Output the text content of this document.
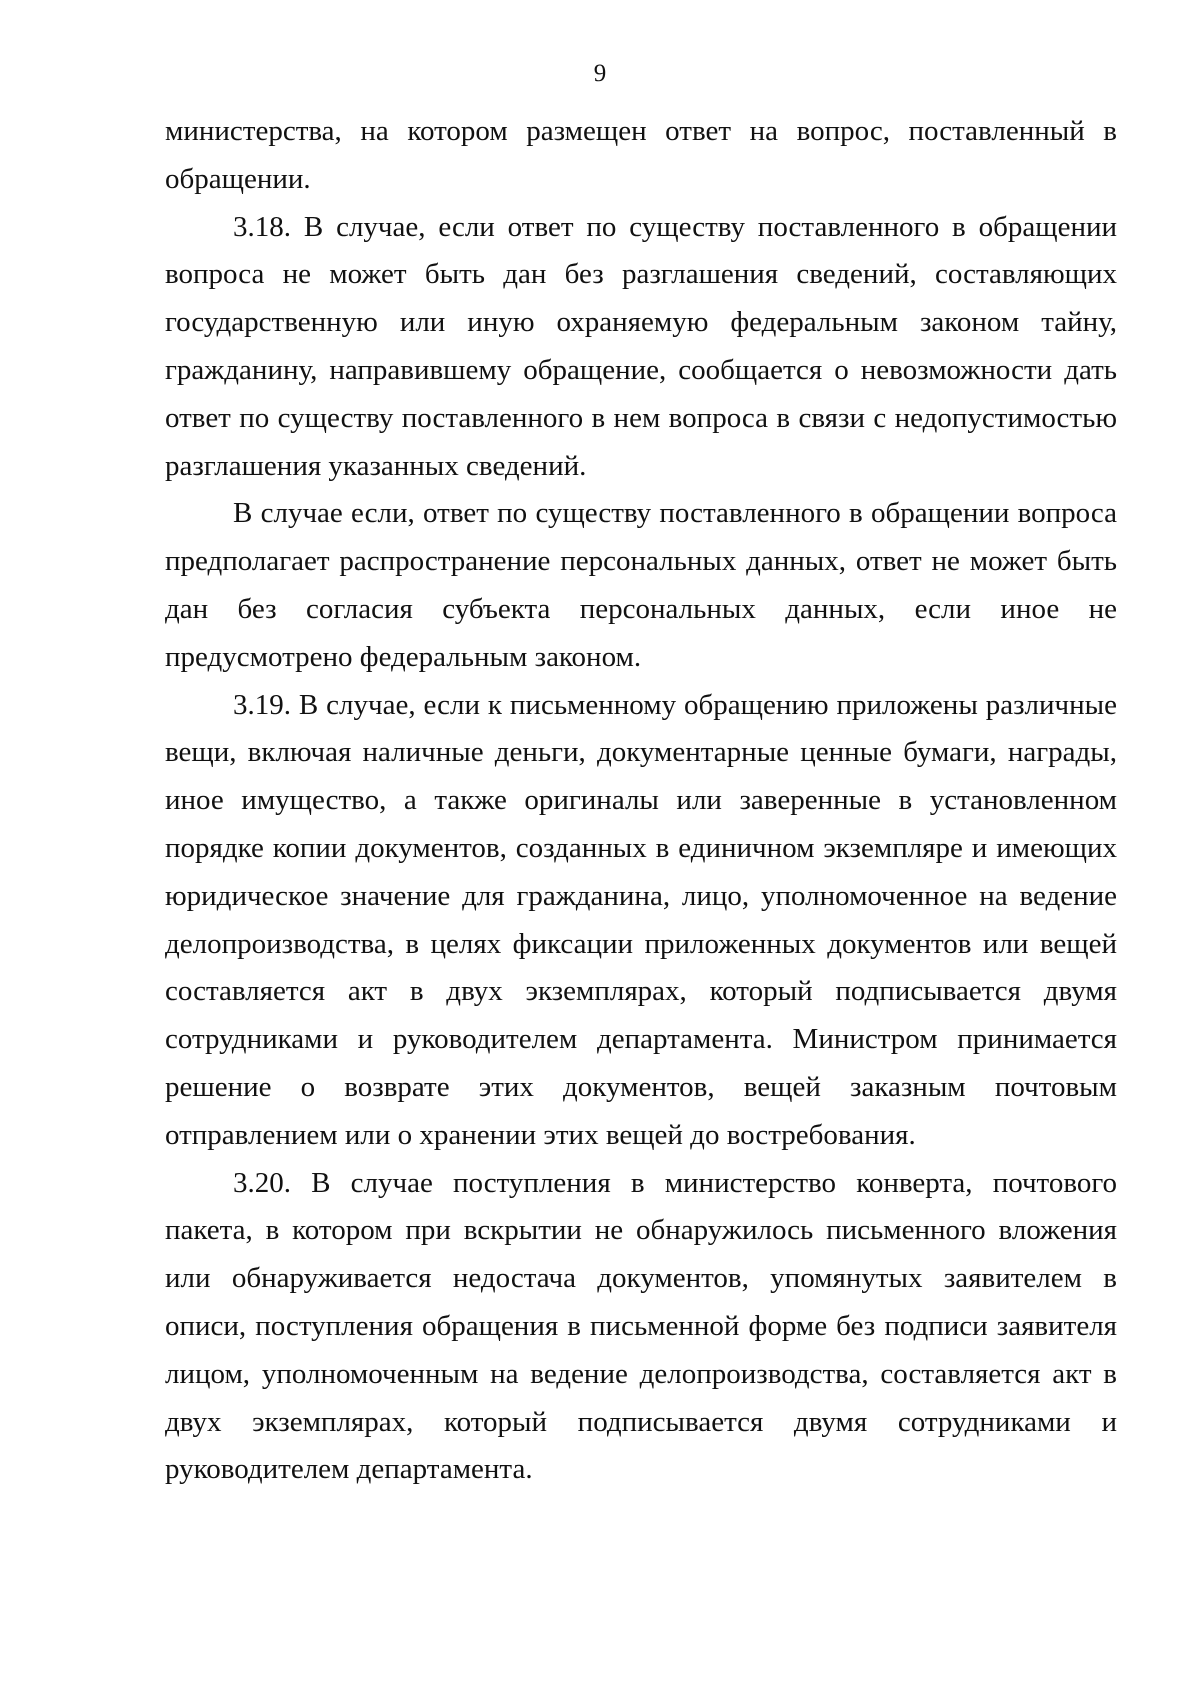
9

министерства, на котором размещен ответ на вопрос, поставленный в обращении.

3.18. В случае, если ответ по существу поставленного в обращении вопроса не может быть дан без разглашения сведений, составляющих государственную или иную охраняемую федеральным законом тайну, гражданину, направившему обращение, сообщается о невозможности дать ответ по существу поставленного в нем вопроса в связи с недопустимостью разглашения указанных сведений.

В случае если, ответ по существу поставленного в обращении вопроса предполагает распространение персональных данных, ответ не может быть дан без согласия субъекта персональных данных, если иное не предусмотрено федеральным законом.

3.19. В случае, если к письменному обращению приложены различные вещи, включая наличные деньги, документарные ценные бумаги, награды, иное имущество, а также оригиналы или заверенные в установленном порядке копии документов, созданных в единичном экземпляре и имеющих юридическое значение для гражданина, лицо, уполномоченное на ведение делопроизводства, в целях фиксации приложенных документов или вещей составляется акт в двух экземплярах, который подписывается двумя сотрудниками и руководителем департамента. Министром принимается решение о возврате этих документов, вещей заказным почтовым отправлением или о хранении этих вещей до востребования.

3.20. В случае поступления в министерство конверта, почтового пакета, в котором при вскрытии не обнаружилось письменного вложения или обнаруживается недостача документов, упомянутых заявителем в описи, поступления обращения в письменной форме без подписи заявителя лицом, уполномоченным на ведение делопроизводства, составляется акт в двух экземплярах, который подписывается двумя сотрудниками и руководителем департамента.
